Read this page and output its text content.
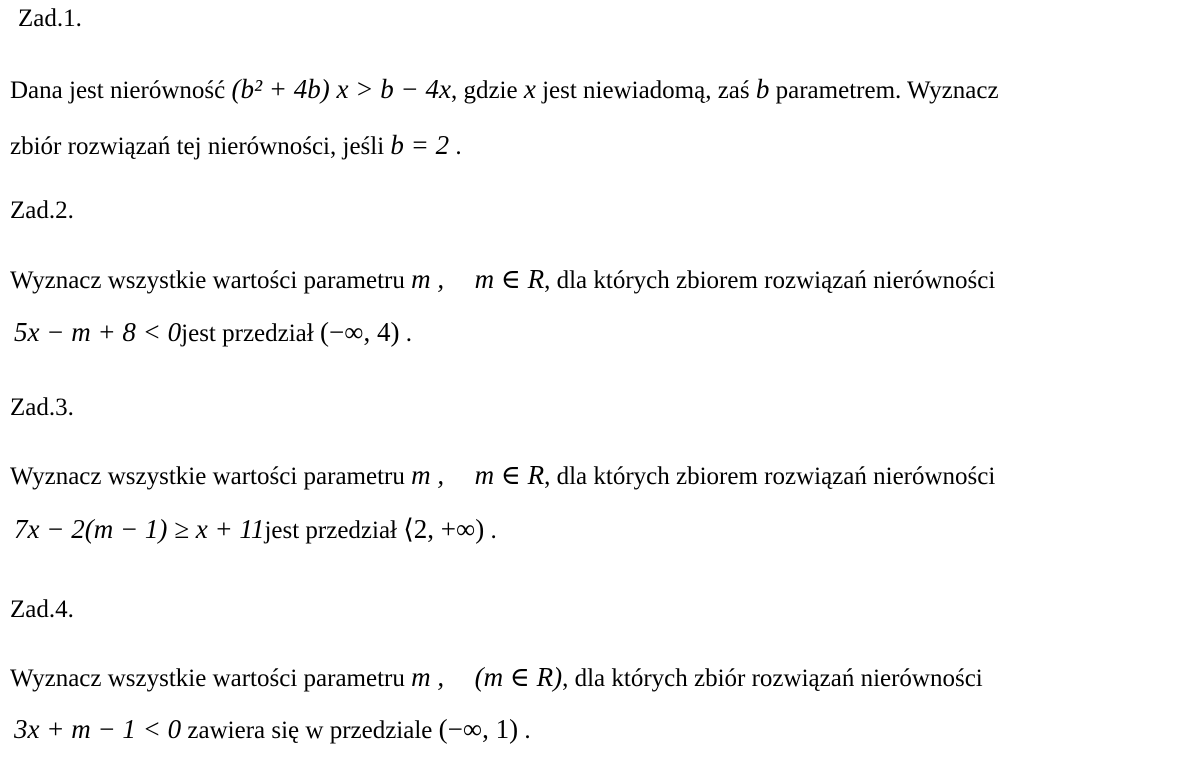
Zad.1.
Dana jest nierówność (b² + 4b) x > b − 4x, gdzie x jest niewiadomą, zaś b parametrem. Wyznacz
zbiór rozwiązań tej nierówności, jeśli b = 2 .
Zad.2.
Wyznacz wszystkie wartości parametru m , m ∈ R, dla których zbiorem rozwiązań nierówności
5x − m + 8 < 0jest przedział (−∞, 4) .
Zad.3.
Wyznacz wszystkie wartości parametru m , m ∈ R, dla których zbiorem rozwiązań nierówności
7x − 2(m − 1) ≥ x + 11jest przedział ⟨2, +∞) .
Zad.4.
Wyznacz wszystkie wartości parametru m , (m ∈ R), dla których zbiór rozwiązań nierówności
3x + m − 1 < 0 zawiera się w przedziale (−∞, 1) .
